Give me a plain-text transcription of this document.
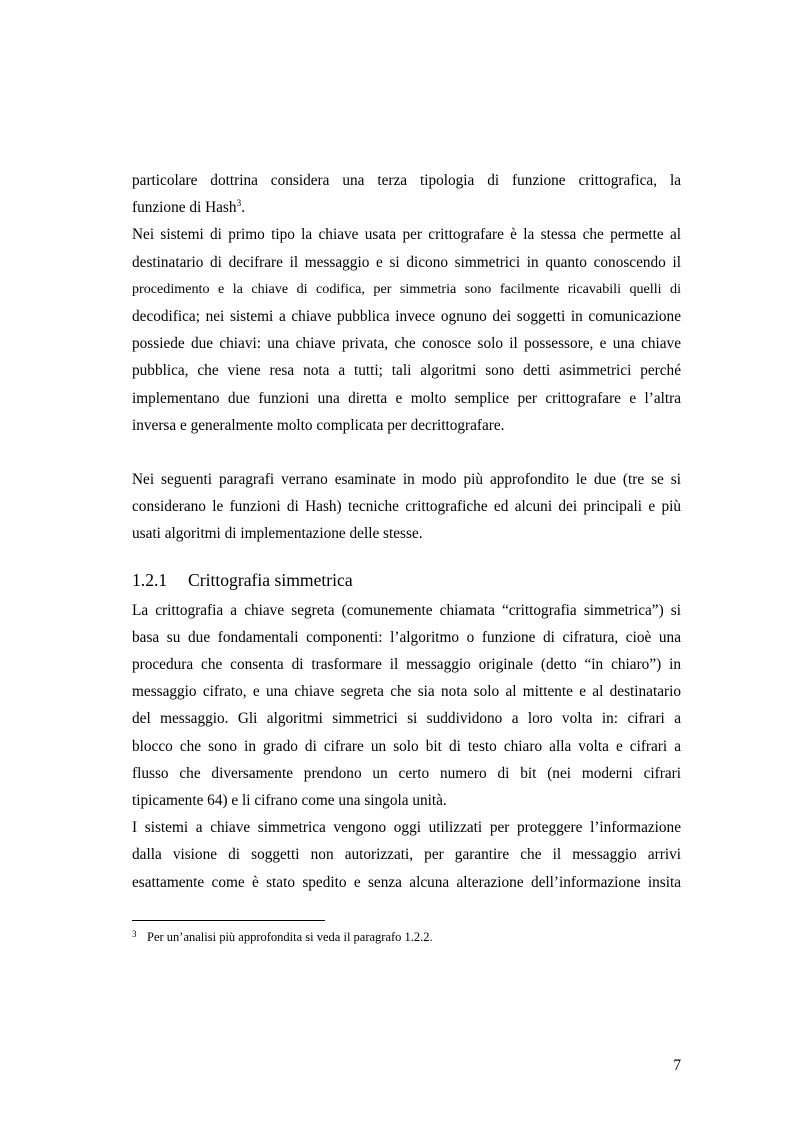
particolare dottrina considera una terza tipologia di funzione crittografica, la
funzione di Hash$^3$.

Nei sistemi di primo tipo la chiave usata per crittografare è la stessa che permette al
destinatario di decifrare il messaggio e si dicono simmetrici in quanto conoscendo il
procedimento e la chiave di codifica, per simmetria sono facilmente ricavabili quelli di
decodifica; nei sistemi a chiave pubblica invece ognuno dei soggetti in comunicazione
possiede due chiavi: una chiave privata, che conosce solo il possessore, e una chiave
pubblica, che viene resa nota a tutti; tali algoritmi sono detti asimmetrici perché
implementano due funzioni una diretta e molto semplice per crittografare e l’altra
inversa e generalmente molto complicata per decrittografare.

Nei seguenti paragrafi verrano esaminate in modo più approfondito le due (tre se si
considerano le funzioni di Hash) tecniche crittografiche ed alcuni dei principali e più
usati algoritmi di implementazione delle stesse.

1.2.1 Crittografia simmetrica

La crittografia a chiave segreta (comunemente chiamata “crittografia simmetrica”) si
basa su due fondamentali componenti: l’algoritmo o funzione di cifratura, cioè una
procedura che consenta di trasformare il messaggio originale (detto “in chiaro”) in
messaggio cifrato, e una chiave segreta che sia nota solo al mittente e al destinatario
del messaggio. Gli algoritmi simmetrici si suddividono a loro volta in: cifrari a
blocco che sono in grado di cifrare un solo bit di testo chiaro alla volta e cifrari a
flusso che diversamente prendono un certo numero di bit (nei moderni cifrari
tipicamente 64) e li cifrano come una singola unità.

I sistemi a chiave simmetrica vengono oggi utilizzati per proteggere l’informazione
dalla visione di soggetti non autorizzati, per garantire che il messaggio arrivi
esattamente come è stato spedito e senza alcuna alterazione dell’informazione insita

3 Per un’analisi più approfondita si veda il paragrafo 1.2.2.
7
